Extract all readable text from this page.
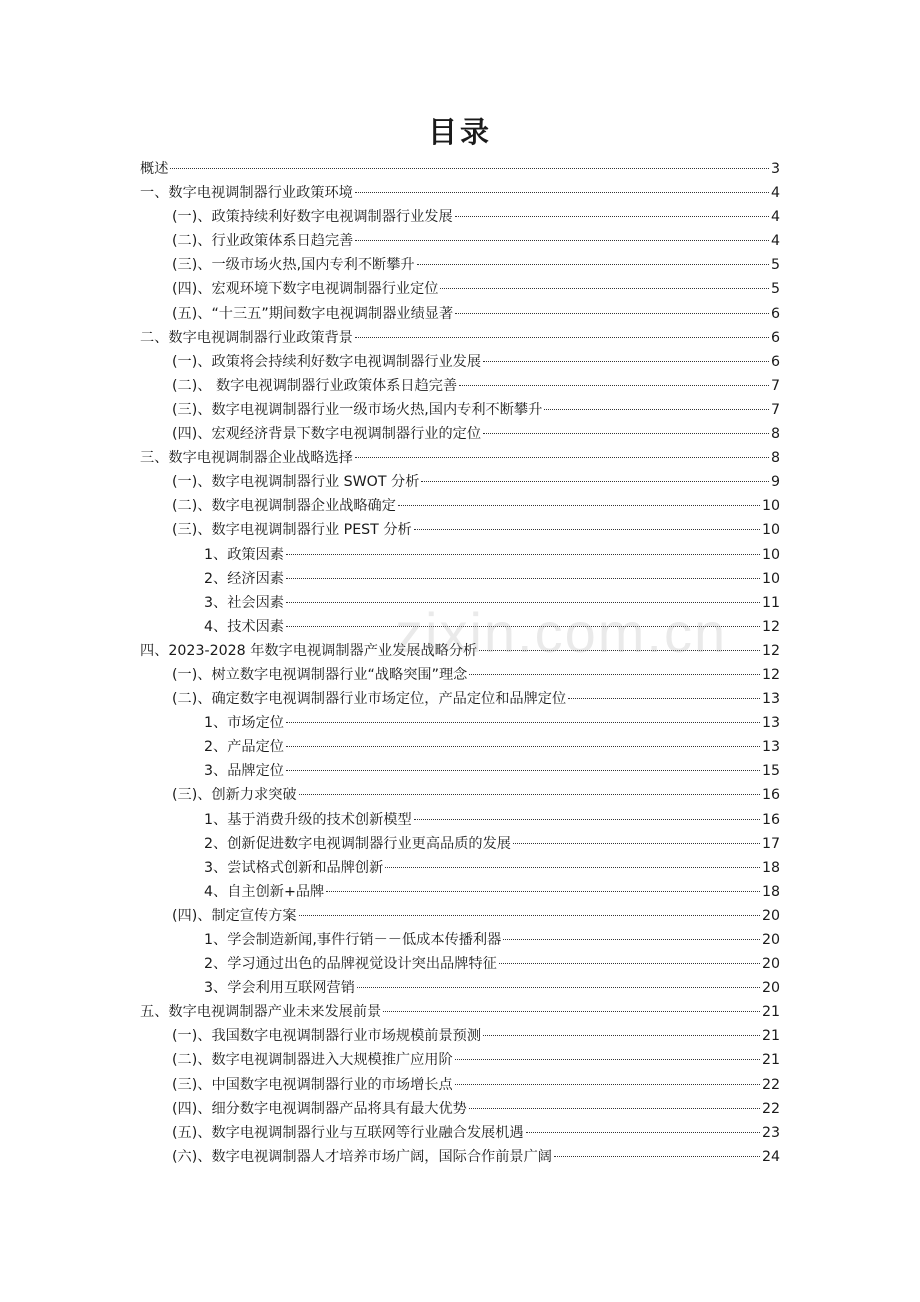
目录
概述	3
一、数字电视调制器行业政策环境	4
(一)、政策持续利好数字电视调制器行业发展	4
(二)、行业政策体系日趋完善	4
(三)、一级市场火热,国内专利不断攀升	5
(四)、宏观环境下数字电视调制器行业定位	5
(五)、“十三五”期间数字电视调制器业绩显著	6
二、数字电视调制器行业政策背景	6
(一)、政策将会持续利好数字电视调制器行业发展	6
(二)、 数字电视调制器行业政策体系日趋完善	7
(三)、数字电视调制器行业一级市场火热,国内专利不断攀升	7
(四)、宏观经济背景下数字电视调制器行业的定位	8
三、数字电视调制器企业战略选择	8
(一)、数字电视调制器行业 SWOT 分析	9
(二)、数字电视调制器企业战略确定	10
(三)、数字电视调制器行业 PEST 分析	10
1、政策因素	10
2、经济因素	10
3、社会因素	11
4、技术因素	12
四、2023-2028 年数字电视调制器产业发展战略分析	12
(一)、树立数字电视调制器行业“战略突围”理念	12
(二)、确定数字电视调制器行业市场定位，产品定位和品牌定位	13
1、市场定位	13
2、产品定位	13
3、品牌定位	15
(三)、创新力求突破	16
1、基于消费升级的技术创新模型	16
2、创新促进数字电视调制器行业更高品质的发展	17
3、尝试格式创新和品牌创新	18
4、自主创新+品牌	18
(四)、制定宣传方案	20
1、学会制造新闻,事件行销－－低成本传播利器	20
2、学习通过出色的品牌视觉设计突出品牌特征	20
3、学会利用互联网营销	20
五、数字电视调制器产业未来发展前景	21
(一)、我国数字电视调制器行业市场规模前景预测	21
(二)、数字电视调制器进入大规模推广应用阶	21
(三)、中国数字电视调制器行业的市场增长点	22
(四)、细分数字电视调制器产品将具有最大优势	22
(五)、数字电视调制器行业与互联网等行业融合发展机遇	23
(六)、数字电视调制器人才培养市场广阔，国际合作前景广阔	24
zixin.com.cn
